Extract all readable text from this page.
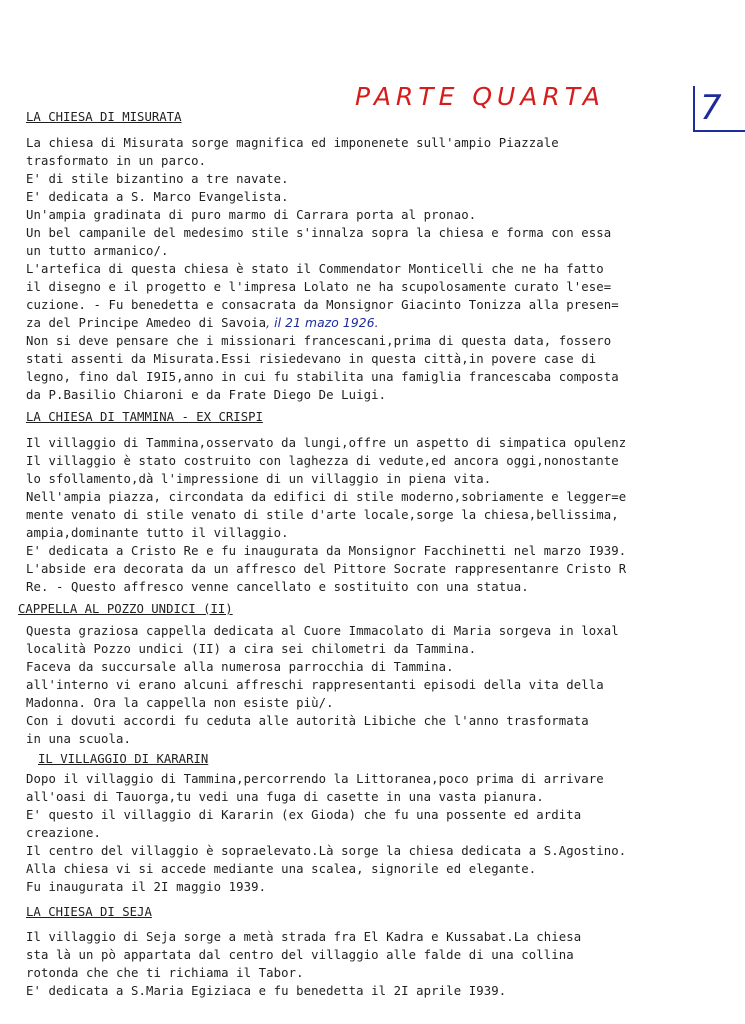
PARTE QUARTA	7
LA CHIESA DI MISURATA
La chiesa di Misurata sorge magnifica ed imponenete sull'ampio Piazzale
trasformato in un parco.
E' di stile bizantino a tre navate.
E' dedicata a S. Marco Evangelista.
Un'ampia gradinata di puro marmo di Carrara porta al pronao.
Un bel campanile del medesimo stile s'innalza sopra la chiesa e forma con essa
un tutto armanico/.
L'artefica di questa chiesa è stato il Commendator Monticelli che ne ha fatto
il disegno e il progetto e l'impresa Lolato ne ha scupolosamente curato l'ese=
cuzione. - Fu benedetta e consacrata da Monsignor Giacinto Tonizza alla presen=
za del Principe Amedeo di Savoia, il 21 mazo 1926.
Non si deve pensare che i missionari francescani,prima di questa data, fossero
stati assenti da Misurata.Essi risiedevano in questa città,in povere case di
legno, fino dal I9I5,anno in cui fu stabilita una famiglia francescaba composta
da P.Basilio Chiaroni e da Frate Diego De Luigi.
LA CHIESA DI TAMMINA - EX CRISPI
Il villaggio di Tammina,osservato da lungi,offre un aspetto di simpatica opulenz
Il villaggio è stato costruito con laghezza di vedute,ed ancora oggi,nonostante
lo sfollamento,dà l'impressione di un villaggio in piena vita.
Nell'ampia piazza, circondata da edifici di stile moderno,sobriamente e legger=e
mente venato di stile venato di stile d'arte locale,sorge la chiesa,bellissima,
ampia,dominante tutto il villaggio.
E' dedicata a Cristo Re e fu inaugurata da Monsignor Facchinetti nel marzo I939.
L'abside era decorata da un affresco del Pittore Socrate rappresentanre Cristo R
Re. - Questo affresco venne cancellato e sostituito con una statua.
CAPPELLA AL POZZO UNDICI (II)
Questa graziosa cappella dedicata al Cuore Immacolato di Maria sorgeva in loxal
località Pozzo undici (II) a cira sei chilometri da Tammina.
Faceva da succursale alla numerosa parrocchia di Tammina.
all'interno vi erano alcuni affreschi rappresentanti episodi della vita della
Madonna. Ora la cappella non esiste più/.
Con i dovuti accordi fu ceduta alle autorità Libiche che l'anno trasformata
in una scuola.
IL VILLAGGIO DI KARARIN
Dopo il villaggio di Tammina,percorrendo la Littoranea,poco prima di arrivare
all'oasi di Tauorga,tu vedi una fuga di casette in una vasta pianura.
E' questo il villaggio di Kararin (ex Gioda) che fu una possente ed ardita
creazione.
Il centro del villaggio è sopraelevato.Là sorge la chiesa dedicata a S.Agostino.
Alla chiesa vi si accede mediante una scalea, signorile ed elegante.
Fu inaugurata il 2I maggio 1939.
LA CHIESA DI SEJA
Il villaggio di Seja sorge a metà strada fra El Kadra e Kussabat.La chiesa
sta là un pò appartata dal centro del villaggio alle falde di una collina
rotonda che che ti richiama il Tabor.
E' dedicata a S.Maria Egiziaca e fu benedetta il 2I aprile I939.
